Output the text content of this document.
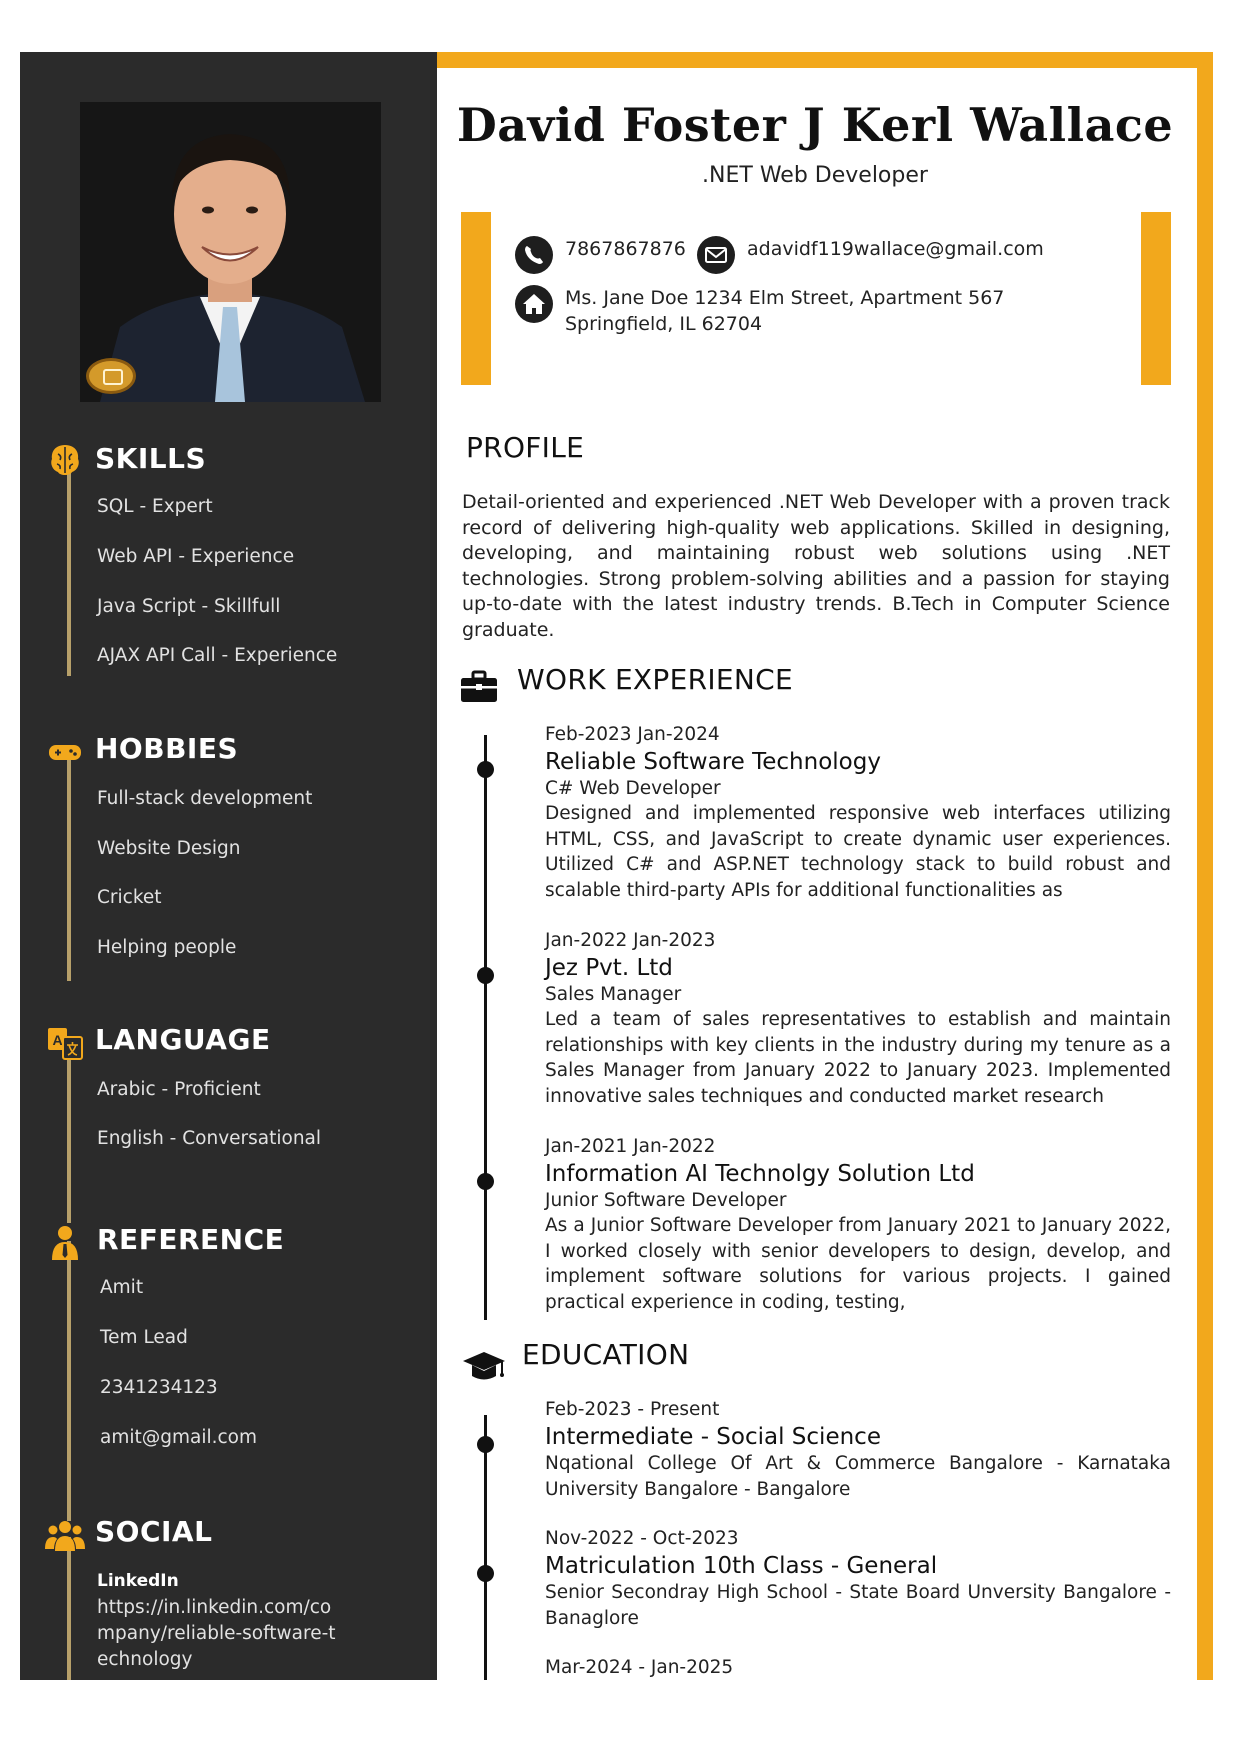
SKILLS
SQL - Expert
Web API - Experience
Java Script - Skillfull
AJAX API Call - Experience
HOBBIES
Full-stack development
Website Design
Cricket
Helping people
A LANGUAGE
Arabic - Proficient
English - Conversational
REFERENCE
Amit
Tem Lead
2341234123
amit@gmail.com
SOCIAL
LinkedIn
https://in.linkedin.com/company/reliable-software-technology
David Foster J Kerl Wallace
.NET Web Developer
7867867876	adavidf119wallace@gmail.com
Ms. Jane Doe 1234 Elm Street, Apartment 567
Springfield, IL 62704
PROFILE
Detail-oriented and experienced .NET Web Developer with a proven track record of delivering high-quality web applications. Skilled in designing, developing, and maintaining robust web solutions using .NET technologies. Strong problem-solving abilities and a passion for staying up-to-date with the latest industry trends. B.Tech in Computer Science graduate.
WORK EXPERIENCE
Feb-2023 Jan-2024
Reliable Software Technology
C# Web Developer
Designed and implemented responsive web interfaces utilizing HTML, CSS, and JavaScript to create dynamic user experiences. Utilized C# and ASP.NET technology stack to build robust and scalable third-party APIs for additional functionalities as
Jan-2022 Jan-2023
Jez Pvt. Ltd
Sales Manager
Led a team of sales representatives to establish and maintain relationships with key clients in the industry during my tenure as a Sales Manager from January 2022 to January 2023. Implemented innovative sales techniques and conducted market research
Jan-2021 Jan-2022
Information AI Technolgy Solution Ltd
Junior Software Developer
As a Junior Software Developer from January 2021 to January 2022, I worked closely with senior developers to design, develop, and implement software solutions for various projects. I gained practical experience in coding, testing,
EDUCATION
Feb-2023 - Present
Intermediate - Social Science
Nqational College Of Art & Commerce Bangalore - Karnataka University Bangalore - Bangalore
Nov-2022 - Oct-2023
Matriculation 10th Class - General
Senior Secondray High School - State Board Unversity Bangalore - Banaglore
Mar-2024 - Jan-2025
